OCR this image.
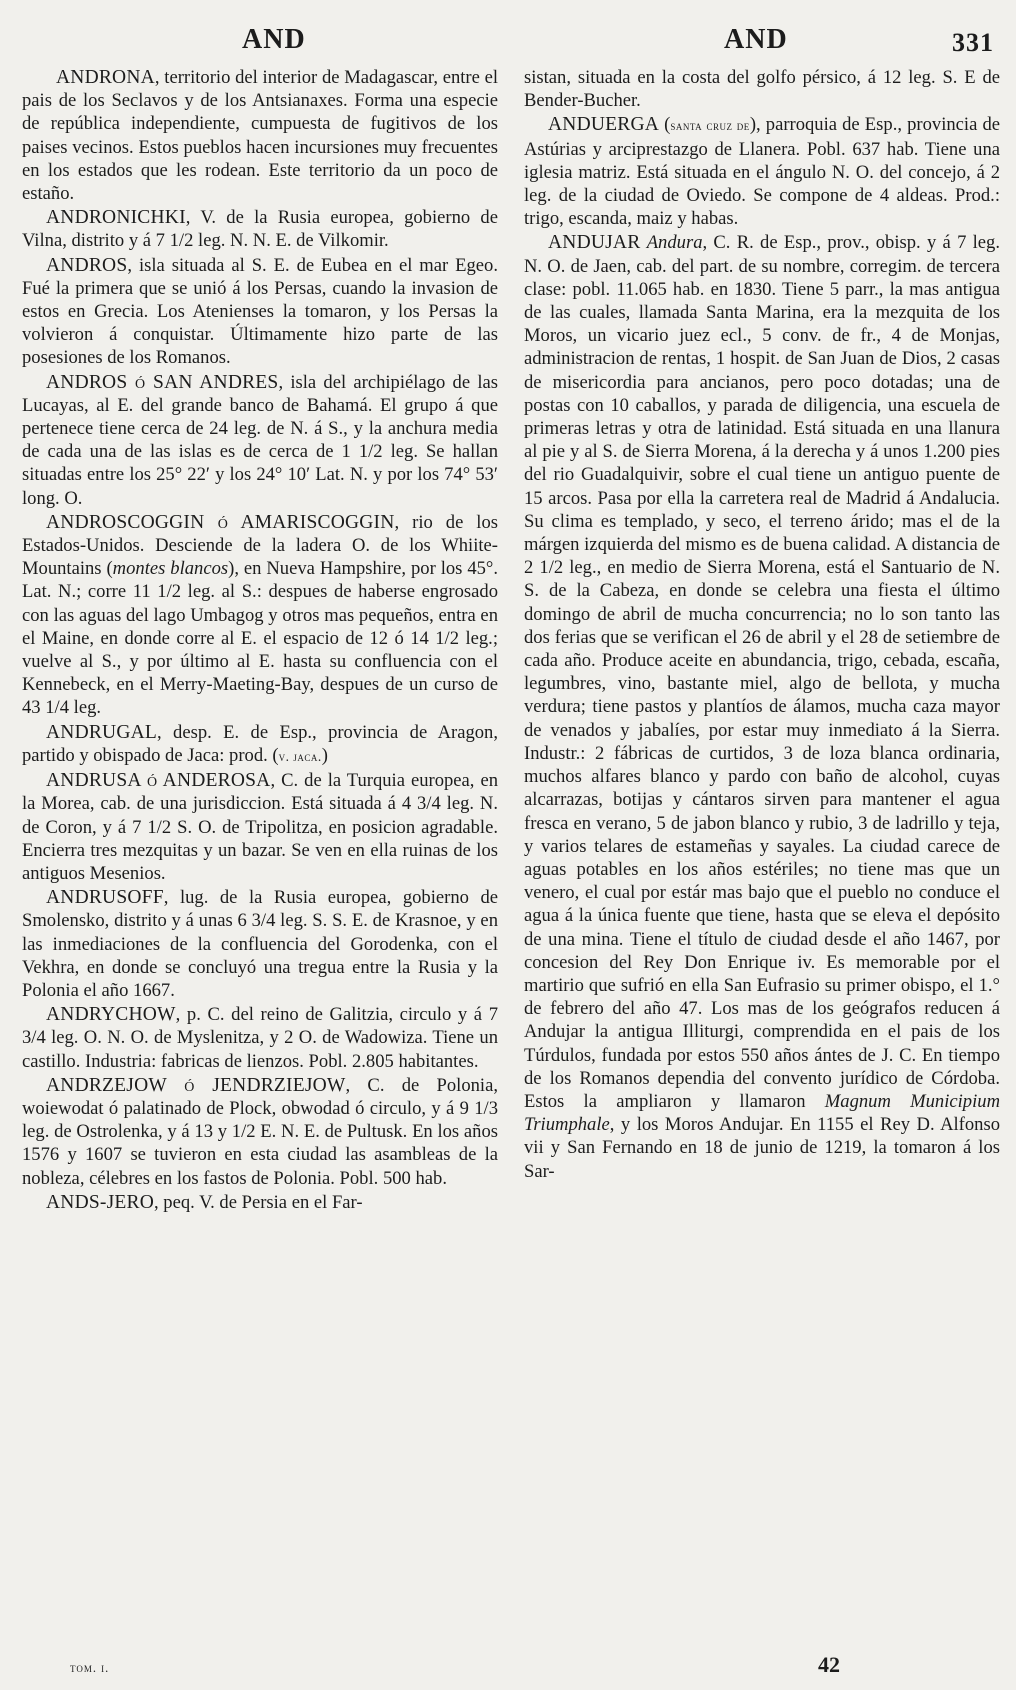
AND	AND	331

ANDRONA, territorio del interior de Madagascar, entre el pais de los Seclavos y de los Antsianaxes. Forma una especie de república independiente, cumpuesta de fugitivos de los paises vecinos. Estos pueblos hacen incursiones muy frecuentes en los estados que les rodean. Este territorio da un poco de estaño.

ANDRONICHKI, V. de la Rusia europea, gobierno de Vilna, distrito y á 7 1/2 leg. N. N. E. de Vilkomir.

ANDROS, isla situada al S. E. de Eubea en el mar Egeo. Fué la primera que se unió á los Persas, cuando la invasion de estos en Grecia. Los Atenienses la tomaron, y los Persas la volvieron á conquistar. Últimamente hizo parte de las posesiones de los Romanos.

ANDROS ó SAN ANDRES, isla del archipiélago de las Lucayas, al E. del grande banco de Bahamá. El grupo á que pertenece tiene cerca de 24 leg. de N. á S., y la anchura media de cada una de las islas es de cerca de 1 1/2 leg. Se hallan situadas entre los 25° 22′ y los 24° 10′ Lat. N. y por los 74° 53′ long. O.

ANDROSCOGGIN ó AMARISCOGGIN, rio de los Estados-Unidos. Desciende de la ladera O. de los Whiite-Mountains (montes blancos), en Nueva Hampshire, por los 45°. Lat. N.; corre 11 1/2 leg. al S.: despues de haberse engrosado con las aguas del lago Umbagog y otros mas pequeños, entra en el Maine, en donde corre al E. el espacio de 12 ó 14 1/2 leg.; vuelve al S., y por último al E. hasta su confluencia con el Kennebeck, en el Merry-Maeting-Bay, despues de un curso de 43 1/4 leg.

ANDRUGAL, desp. E. de Esp., provincia de Aragon, partido y obispado de Jaca: prod. (v. jaca.)

ANDRUSA ó ANDEROSA, C. de la Turquia europea, en la Morea, cab. de una jurisdiccion. Está situada á 4 3/4 leg. N. de Coron, y á 7 1/2 S. O. de Tripolitza, en posicion agradable. Encierra tres mezquitas y un bazar. Se ven en ella ruinas de los antiguos Mesenios.

ANDRUSOFF, lug. de la Rusia europea, gobierno de Smolensko, distrito y á unas 6 3/4 leg. S. S. E. de Krasnoe, y en las inmediaciones de la confluencia del Gorodenka, con el Vekhra, en donde se concluyó una tregua entre la Rusia y la Polonia el año 1667.

ANDRYCHOW, p. C. del reino de Galitzia, circulo y á 7 3/4 leg. O. N. O. de Myslenitza, y 2 O. de Wadowiza. Tiene un castillo. Industria: fabricas de lienzos. Pobl. 2.805 habitantes.

ANDRZEJOW ó JENDRZIEJOW, C. de Polonia, woiewodat ó palatinado de Plock, obwodad ó circulo, y á 9 1/3 leg. de Ostrolenka, y á 13 y 1/2 E. N. E. de Pultusk. En los años 1576 y 1607 se tuvieron en esta ciudad las asambleas de la nobleza, célebres en los fastos de Polonia. Pobl. 500 hab.

ANDS-JERO, peq. V. de Persia en el Far-

sistan, situada en la costa del golfo pérsico, á 12 leg. S. E de Bender-Bucher.

ANDUERGA (santa cruz de), parroquia de Esp., provincia de Astúrias y arciprestazgo de Llanera. Pobl. 637 hab. Tiene una iglesia matriz. Está situada en el ángulo N. O. del concejo, á 2 leg. de la ciudad de Oviedo. Se compone de 4 aldeas. Prod.: trigo, escanda, maiz y habas.

ANDUJAR Andura, C. R. de Esp., prov., obisp. y á 7 leg. N. O. de Jaen, cab. del part. de su nombre, corregim. de tercera clase: pobl. 11.065 hab. en 1830. Tiene 5 parr., la mas antigua de las cuales, llamada Santa Marina, era la mezquita de los Moros, un vicario juez ecl., 5 conv. de fr., 4 de Monjas, administracion de rentas, 1 hospit. de San Juan de Dios, 2 casas de misericordia para ancianos, pero poco dotadas; una de postas con 10 caballos, y parada de diligencia, una escuela de primeras letras y otra de latinidad. Está situada en una llanura al pie y al S. de Sierra Morena, á la derecha y á unos 1.200 pies del rio Guadalquivir, sobre el cual tiene un antiguo puente de 15 arcos. Pasa por ella la carretera real de Madrid á Andalucia. Su clima es templado, y seco, el terreno árido; mas el de la márgen izquierda del mismo es de buena calidad. A distancia de 2 1/2 leg., en medio de Sierra Morena, está el Santuario de N. S. de la Cabeza, en donde se celebra una fiesta el último domingo de abril de mucha concurrencia; no lo son tanto las dos ferias que se verifican el 26 de abril y el 28 de setiembre de cada año. Produce aceite en abundancia, trigo, cebada, escaña, legumbres, vino, bastante miel, algo de bellota, y mucha verdura; tiene pastos y plantíos de álamos, mucha caza mayor de venados y jabalíes, por estar muy inmediato á la Sierra. Industr.: 2 fábricas de curtidos, 3 de loza blanca ordinaria, muchos alfares blanco y pardo con baño de alcohol, cuyas alcarrazas, botijas y cántaros sirven para mantener el agua fresca en verano, 5 de jabon blanco y rubio, 3 de ladrillo y teja, y varios telares de estameñas y sayales. La ciudad carece de aguas potables en los años estériles; no tiene mas que un venero, el cual por estár mas bajo que el pueblo no conduce el agua á la única fuente que tiene, hasta que se eleva el depósito de una mina. Tiene el título de ciudad desde el año 1467, por concesion del Rey Don Enrique iv. Es memorable por el martirio que sufrió en ella San Eufrasio su primer obispo, el 1.° de febrero del año 47. Los mas de los geógrafos reducen á Andujar la antigua Illiturgi, comprendida en el pais de los Túrdulos, fundada por estos 550 años ántes de J. C. En tiempo de los Romanos dependia del convento jurídico de Córdoba. Estos la ampliaron y llamaron Magnum Municipium Triumphale, y los Moros Andujar. En 1155 el Rey D. Alfonso vii y San Fernando en 18 de junio de 1219, la tomaron á los Sar-

tom. i.	42
